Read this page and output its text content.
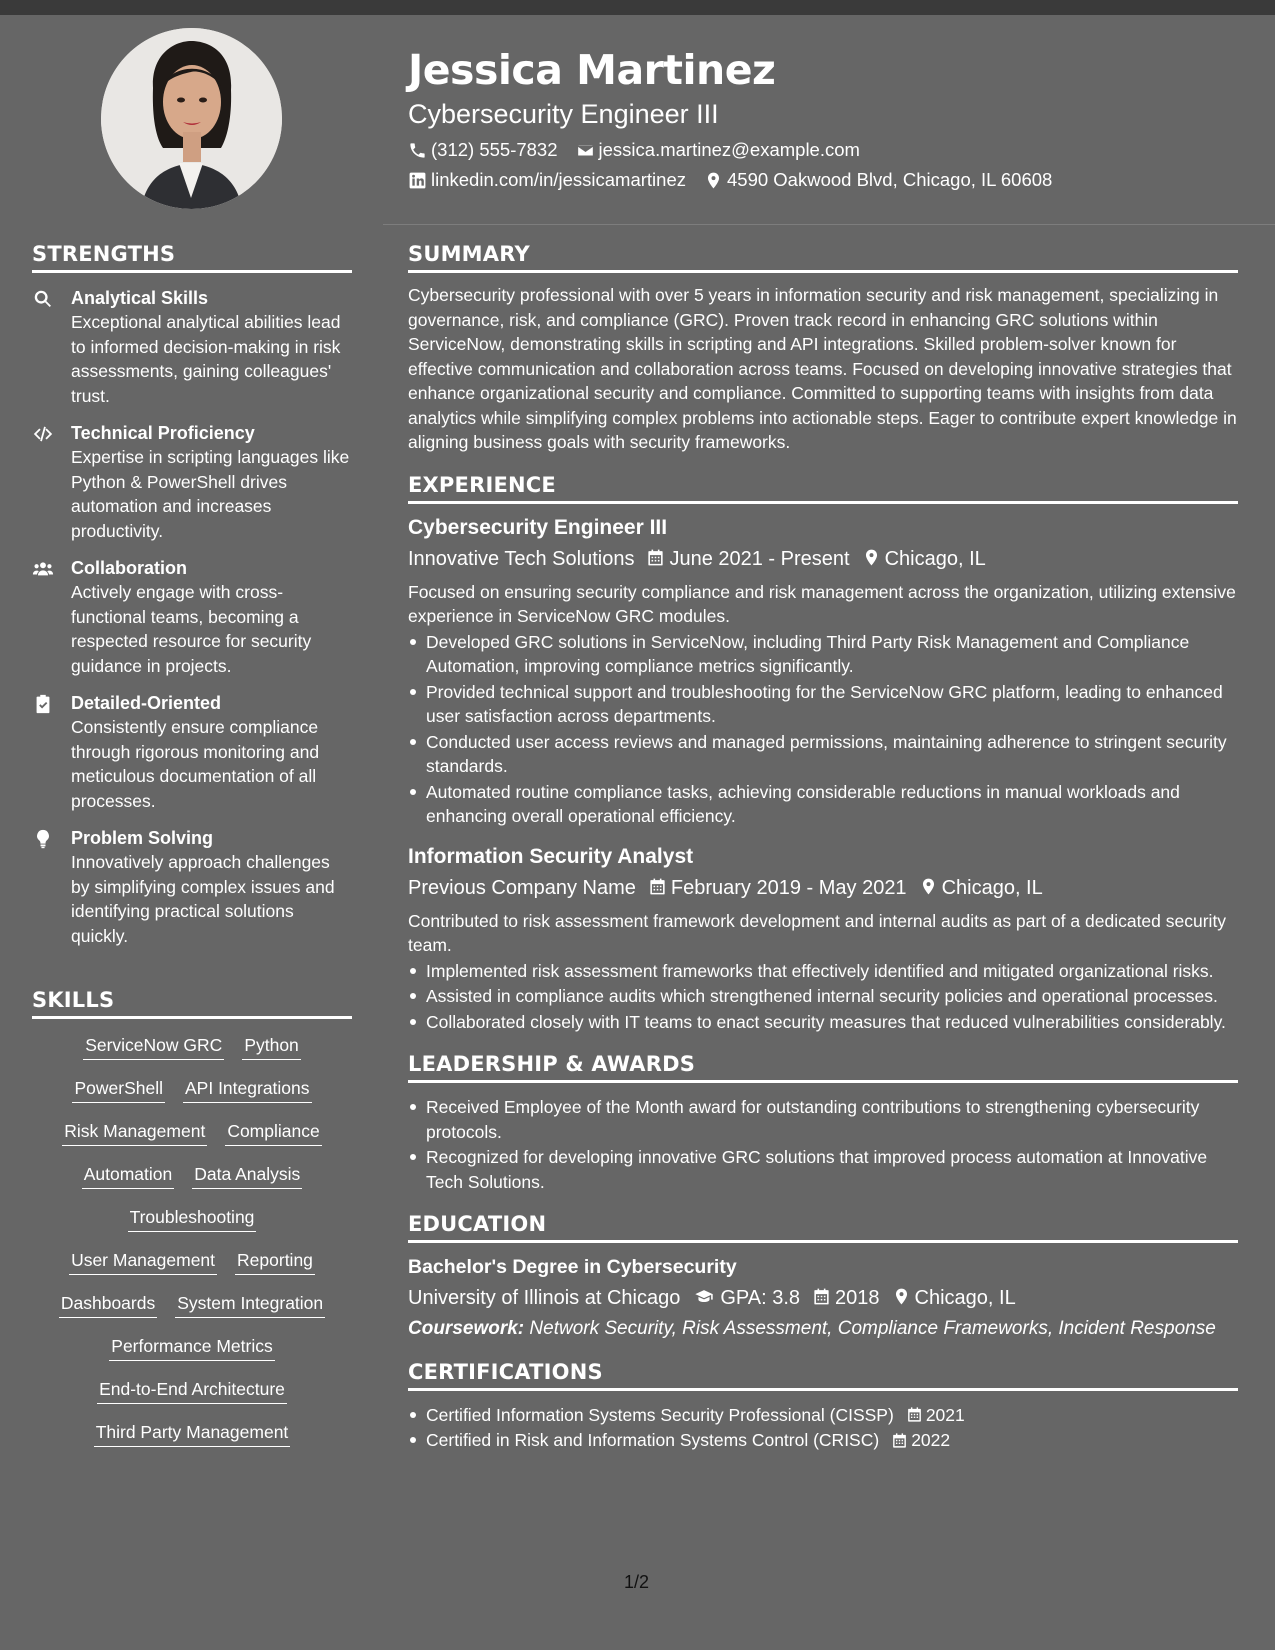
Jessica Martinez
Cybersecurity Engineer III
(312) 555-7832 jessica.martinez@example.com
linkedin.com/in/jessicamartinez 4590 Oakwood Blvd, Chicago, IL 60608
STRENGTHS
Analytical Skills
Exceptional analytical abilities lead to informed decision-making in risk assessments, gaining colleagues' trust.
Technical Proficiency
Expertise in scripting languages like Python & PowerShell drives automation and increases productivity.
Collaboration
Actively engage with cross-functional teams, becoming a respected resource for security guidance in projects.
Detailed-Oriented
Consistently ensure compliance through rigorous monitoring and meticulous documentation of all processes.
Problem Solving
Innovatively approach challenges by simplifying complex issues and identifying practical solutions quickly.
SKILLS
ServiceNow GRC Python
PowerShell API Integrations
Risk Management Compliance
Automation Data Analysis
Troubleshooting
User Management Reporting
Dashboards System Integration
Performance Metrics
End-to-End Architecture
Third Party Management
SUMMARY
Cybersecurity professional with over 5 years in information security and risk management, specializing in governance, risk, and compliance (GRC). Proven track record in enhancing GRC solutions within ServiceNow, demonstrating skills in scripting and API integrations. Skilled problem-solver known for effective communication and collaboration across teams. Focused on developing innovative strategies that enhance organizational security and compliance. Committed to supporting teams with insights from data analytics while simplifying complex problems into actionable steps. Eager to contribute expert knowledge in aligning business goals with security frameworks.
EXPERIENCE
Cybersecurity Engineer III
Innovative Tech Solutions	June 2021 - Present	Chicago, IL
Focused on ensuring security compliance and risk management across the organization, utilizing extensive experience in ServiceNow GRC modules.
Developed GRC solutions in ServiceNow, including Third Party Risk Management and Compliance Automation, improving compliance metrics significantly.
Provided technical support and troubleshooting for the ServiceNow GRC platform, leading to enhanced user satisfaction across departments.
Conducted user access reviews and managed permissions, maintaining adherence to stringent security standards.
Automated routine compliance tasks, achieving considerable reductions in manual workloads and enhancing overall operational efficiency.
Information Security Analyst
Previous Company Name	February 2019 - May 2021	Chicago, IL
Contributed to risk assessment framework development and internal audits as part of a dedicated security team.
Implemented risk assessment frameworks that effectively identified and mitigated organizational risks.
Assisted in compliance audits which strengthened internal security policies and operational processes.
Collaborated closely with IT teams to enact security measures that reduced vulnerabilities considerably.
LEADERSHIP & AWARDS
Received Employee of the Month award for outstanding contributions to strengthening cybersecurity protocols.
Recognized for developing innovative GRC solutions that improved process automation at Innovative Tech Solutions.
EDUCATION
Bachelor's Degree in Cybersecurity
University of Illinois at Chicago	GPA: 3.8	2018	Chicago, IL
Coursework: Network Security, Risk Assessment, Compliance Frameworks, Incident Response
CERTIFICATIONS
Certified Information Systems Security Professional (CISSP) 2021
Certified in Risk and Information Systems Control (CRISC) 2022
1/2
